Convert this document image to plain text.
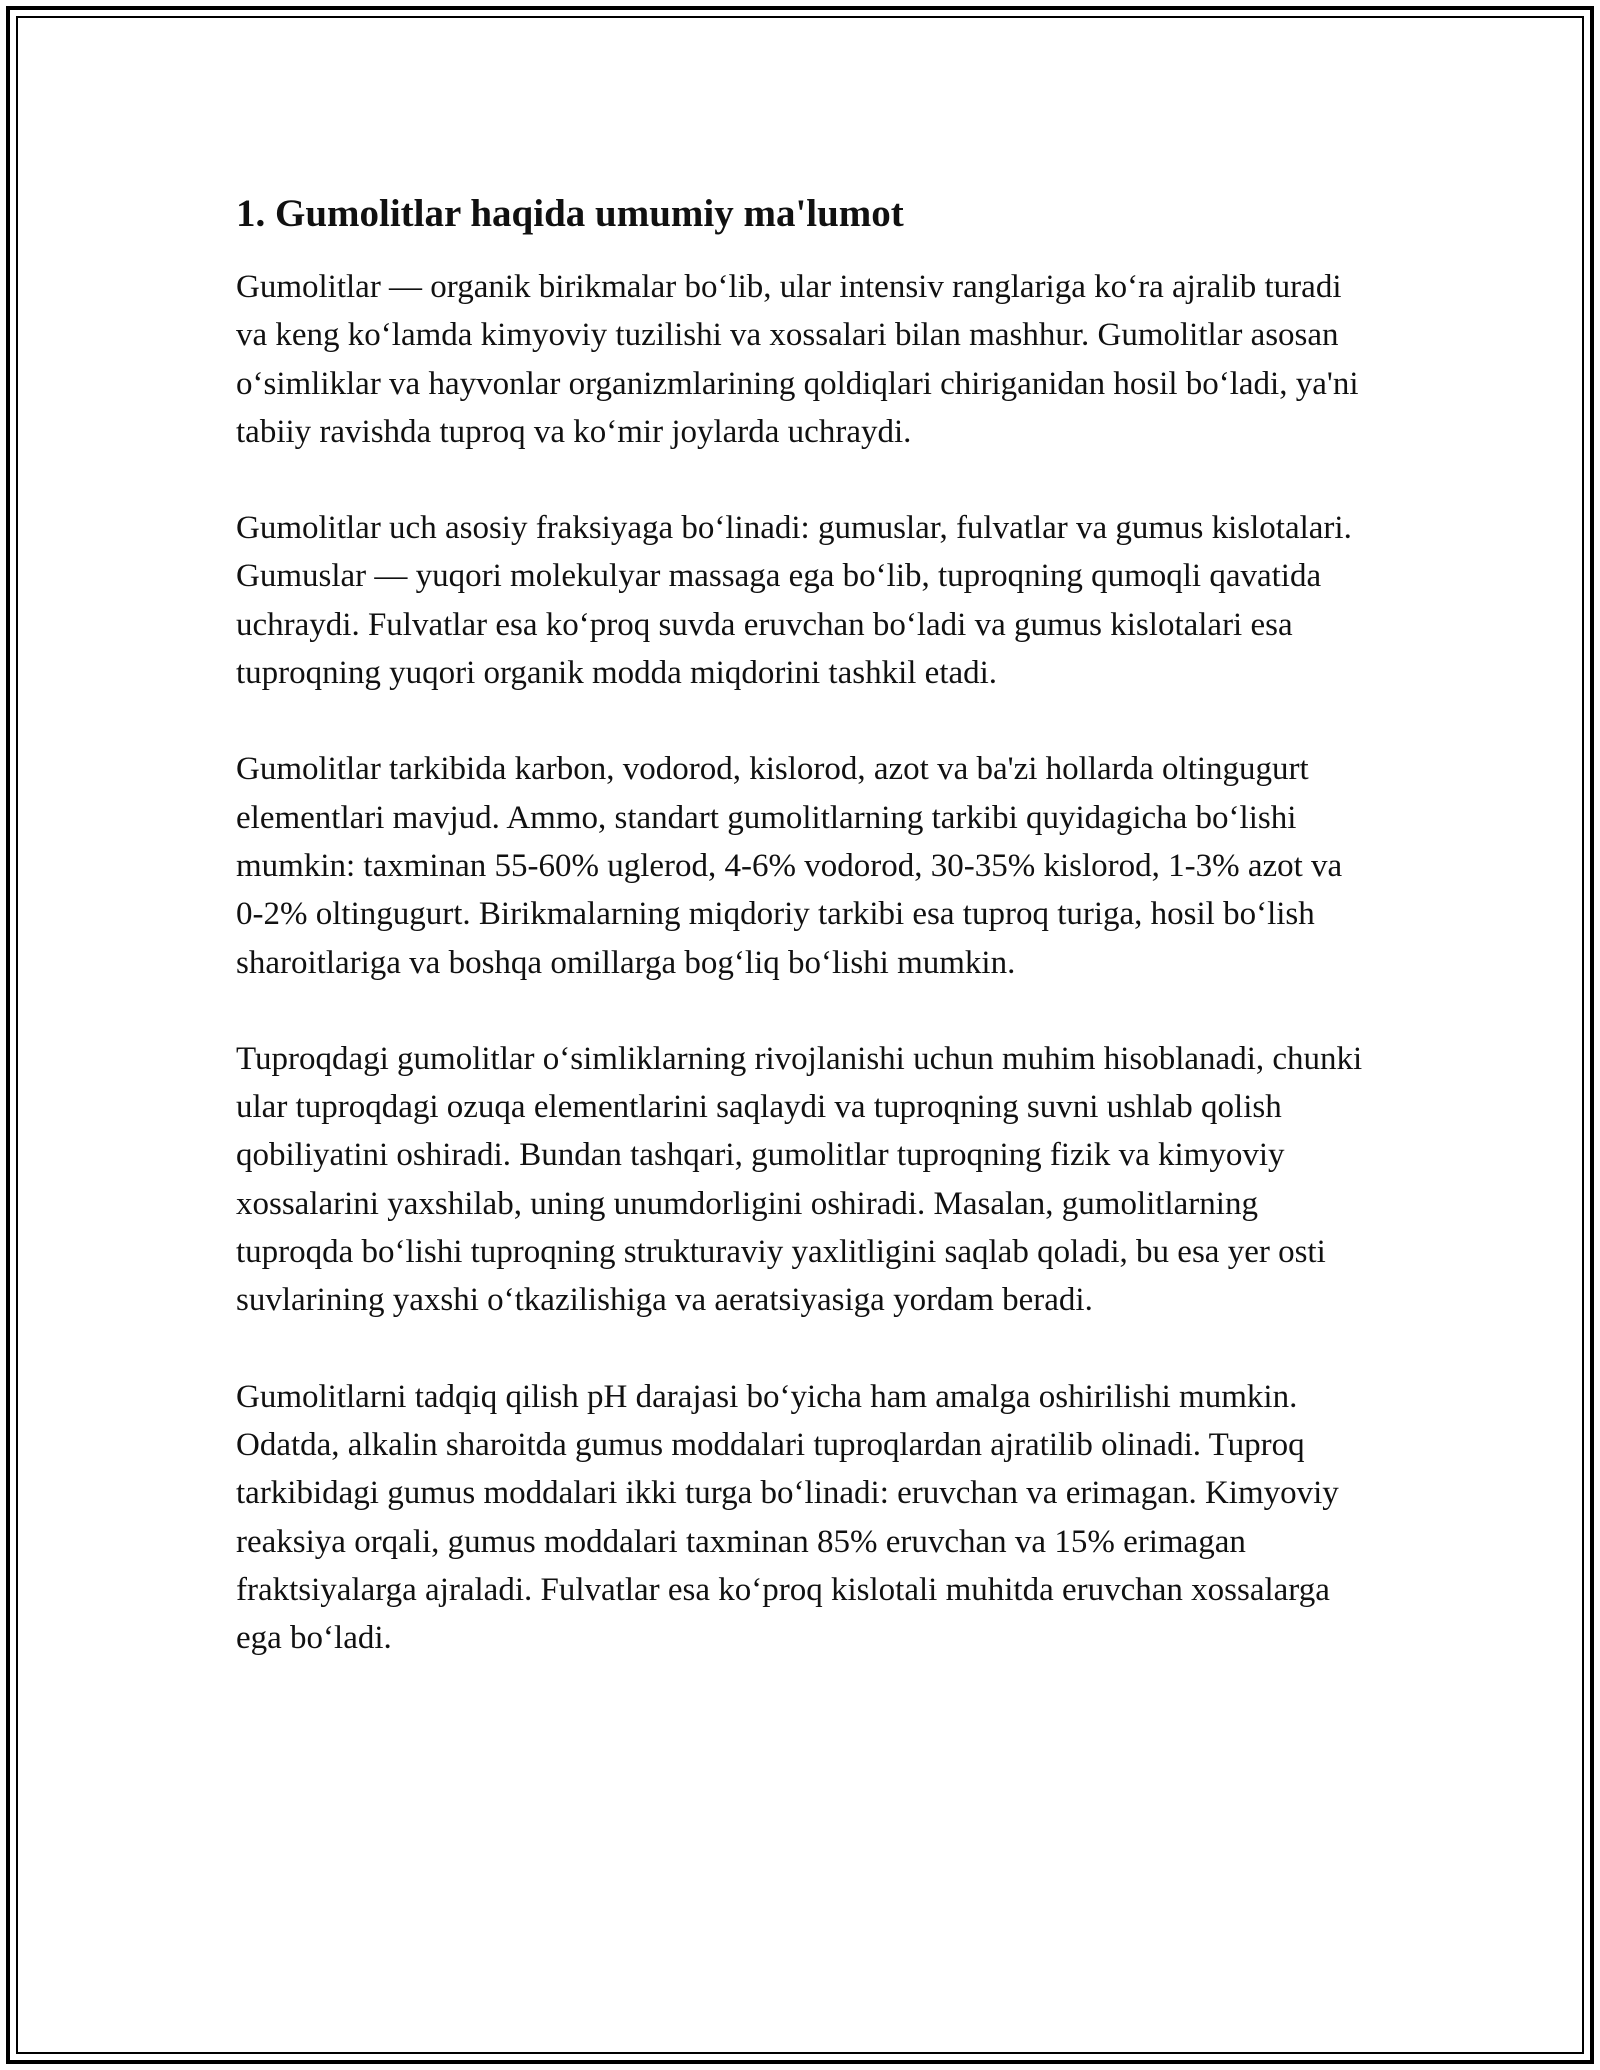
1. Gumolitlar haqida umumiy ma'lumot

Gumolitlar — organik birikmalar bo‘lib, ular intensiv ranglariga ko‘ra ajralib turadi va keng ko‘lamda kimyoviy tuzilishi va xossalari bilan mashhur. Gumolitlar asosan o‘simliklar va hayvonlar organizmlarining qoldiqlari chiriganidan hosil bo‘ladi, ya'ni tabiiy ravishda tuproq va ko‘mir joylarda uchraydi.

Gumolitlar uch asosiy fraksiyaga bo‘linadi: gumuslar, fulvatlar va gumus kislotalari. Gumuslar — yuqori molekulyar massaga ega bo‘lib, tuproqning qumoqli qavatida uchraydi. Fulvatlar esa ko‘proq suvda eruvchan bo‘ladi va gumus kislotalari esa tuproqning yuqori organik modda miqdorini tashkil etadi.

Gumolitlar tarkibida karbon, vodorod, kislorod, azot va ba'zi hollarda oltingugurt elementlari mavjud. Ammo, standart gumolitlarning tarkibi quyidagicha bo‘lishi mumkin: taxminan 55-60% uglerod, 4-6% vodorod, 30-35% kislorod, 1-3% azot va 0-2% oltingugurt. Birikmalarning miqdoriy tarkibi esa tuproq turiga, hosil bo‘lish sharoitlariga va boshqa omillarga bog‘liq bo‘lishi mumkin.

Tuproqdagi gumolitlar o‘simliklarning rivojlanishi uchun muhim hisoblanadi, chunki ular tuproqdagi ozuqa elementlarini saqlaydi va tuproqning suvni ushlab qolish qobiliyatini oshiradi. Bundan tashqari, gumolitlar tuproqning fizik va kimyoviy xossalarini yaxshilab, uning unumdorligini oshiradi. Masalan, gumolitlarning tuproqda bo‘lishi tuproqning strukturaviy yaxlitligini saqlab qoladi, bu esa yer osti suvlarining yaxshi o‘tkazilishiga va aeratsiyasiga yordam beradi.

Gumolitlarni tadqiq qilish pH darajasi bo‘yicha ham amalga oshirilishi mumkin. Odatda, alkalin sharoitda gumus moddalari tuproqlardan ajratilib olinadi. Tuproq tarkibidagi gumus moddalari ikki turga bo‘linadi: eruvchan va erimagan. Kimyoviy reaksiya orqali, gumus moddalari taxminan 85% eruvchan va 15% erimagan fraktsiyalarga ajraladi. Fulvatlar esa ko‘proq kislotali muhitda eruvchan xossalarga ega bo‘ladi.
